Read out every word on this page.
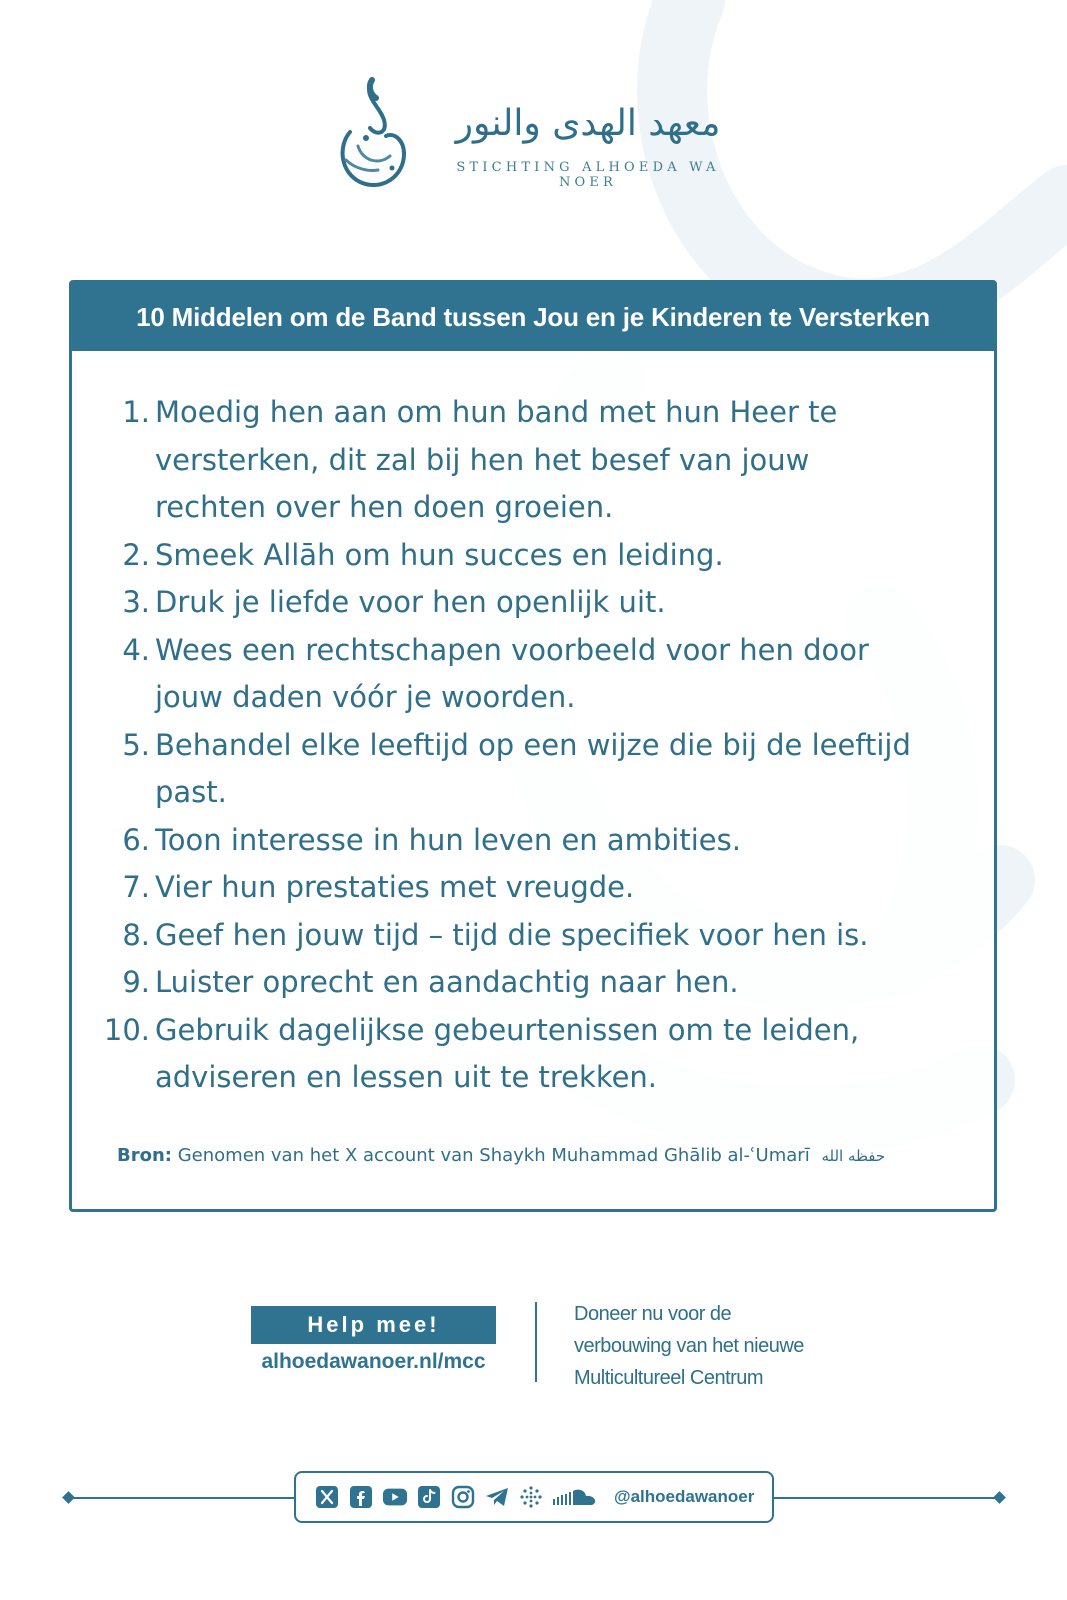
معهد الهدى والنور
STICHTING ALHOEDA WA NOER
10 Middelen om de Band tussen Jou en je Kinderen te Versterken
1. Moedig hen aan om hun band met hun Heer te
versterken, dit zal bij hen het besef van jouw
rechten over hen doen groeien.
2. Smeek Allāh om hun succes en leiding.
3. Druk je liefde voor hen openlijk uit.
4. Wees een rechtschapen voorbeeld voor hen door
jouw daden vóór je woorden.
5. Behandel elke leeftijd op een wijze die bij de leeftijd
past.
6. Toon interesse in hun leven en ambities.
7. Vier hun prestaties met vreugde.
8. Geef hen jouw tijd – tijd die specifiek voor hen is.
9. Luister oprecht en aandachtig naar hen.
10. Gebruik dagelijkse gebeurtenissen om te leiden,
adviseren en lessen uit te trekken.
Bron: Genomen van het X account van Shaykh Muhammad Ghālib al-ʿUmarī حفظه الله
Help mee!
alhoedawanoer.nl/mcc
Doneer nu voor de
verbouwing van het nieuwe
Multicultureel Centrum
@alhoedawanoer
